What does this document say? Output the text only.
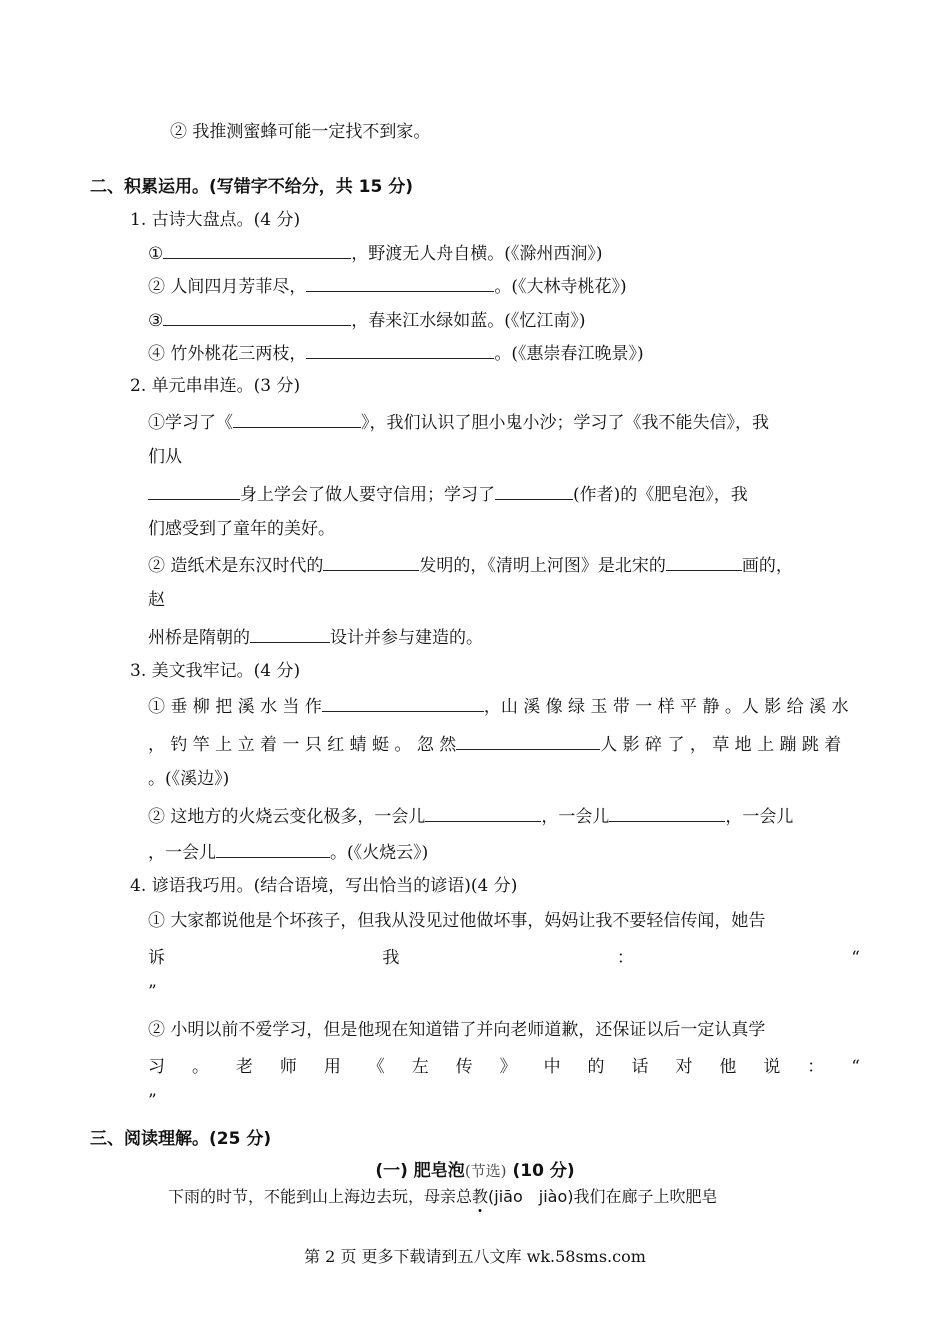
② 我推测蜜蜂可能一定找不到家。
二、积累运用。(写错字不给分，共 15 分)
1. 古诗大盘点。(4 分)
①	，野渡无人舟自横。(《滁州西涧》)
② 人间四月芳菲尽，	。(《大林寺桃花》)
③	，春来江水绿如蓝。(《忆江南》)
④ 竹外桃花三两枝，	。(《惠崇春江晚景》)
2. 单元串串连。(3 分)
①学习了《	》，我们认识了胆小鬼小沙；学习了《我不能失信》，我
们从
身上学会了做人要守信用；学习了	(作者)的《肥皂泡》，我
们感受到了童年的美好。
② 造纸术是东汉时代的	发明的，《清明上河图》是北宋的	画的，
赵
州桥是隋朝的	设计并参与建造的。
3. 美文我牢记。(4 分)
① 垂 柳 把 溪 水 当 作	，山 溪 像 绿 玉 带 一 样 平 静 。人 影 给 溪 水
， 钓 竿 上 立 着 一 只 红 蜻 蜓 。 忽 然	人 影 碎 了 ， 草 地 上 蹦 跳 着
。(《溪边》)
② 这地方的火烧云变化极多，一会儿	，一会儿	，一会儿
，一会儿	。(《火烧云》)
4. 谚语我巧用。(结合语境，写出恰当的谚语)(4 分)
① 大家都说他是个坏孩子，但我从没见过他做坏事，妈妈让我不要轻信传闻，她告
诉	我	：	“
”
② 小明以前不爱学习，但是他现在知道错了并向老师道歉，还保证以后一定认真学
习 。 老 师 用 《 左 传 》 中 的 话 对 他 说 ： “
”
三、阅读理解。(25 分)
(一) 肥皂泡(节选) (10 分)
下雨的时节，不能到山上海边去玩，母亲总教(jiāo　jiào)我们在廊子上吹肥皂
第 2 页 更多下载请到五八文库 wk.58sms.com
